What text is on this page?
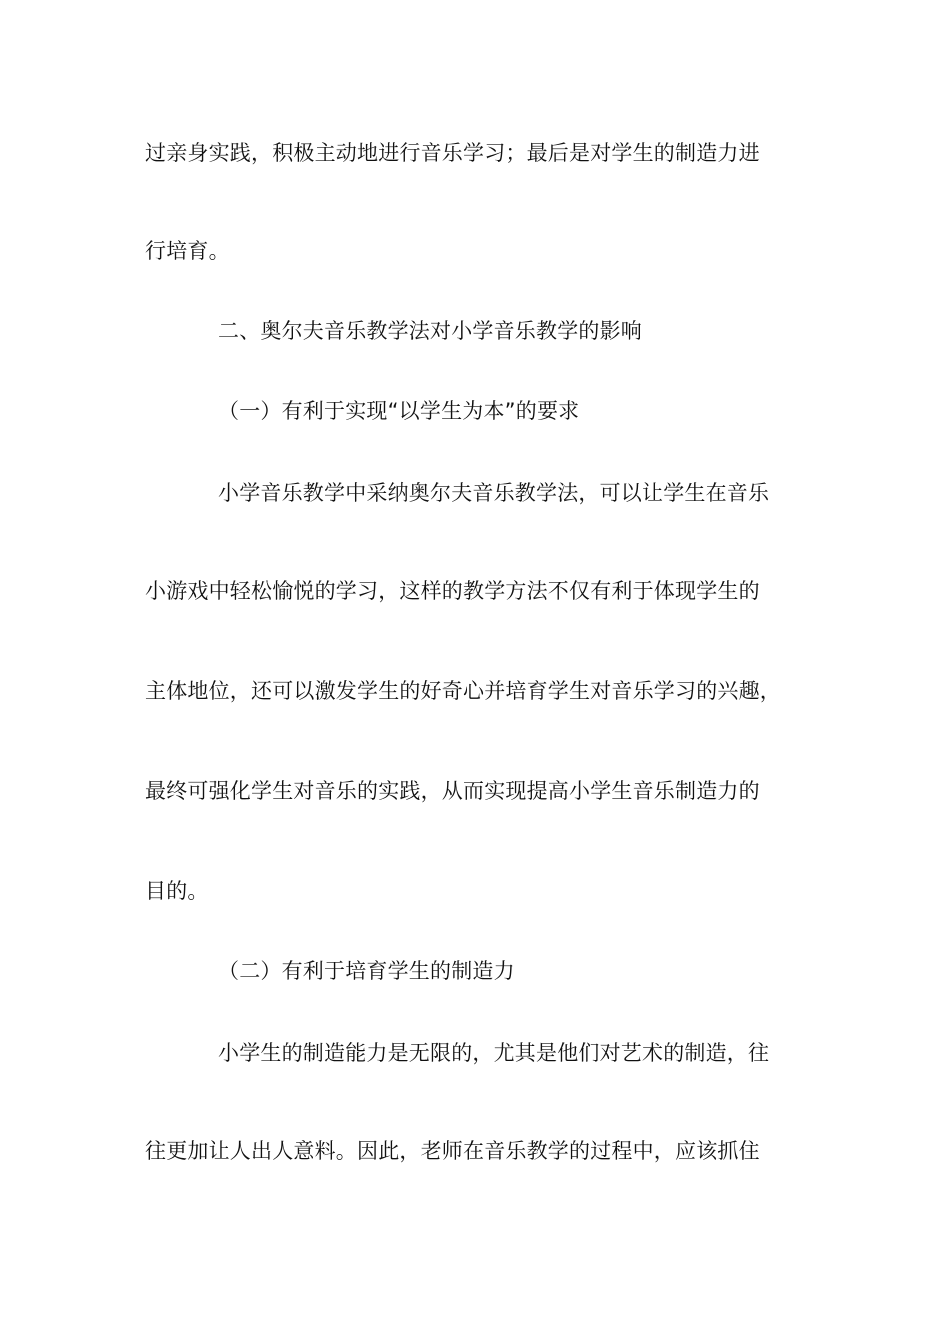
过亲身实践，积极主动地进行音乐学习；最后是对学生的制造力进
行培育。
二、奥尔夫音乐教学法对小学音乐教学的影响
（一）有利于实现“以学生为本”的要求
小学音乐教学中采纳奥尔夫音乐教学法，可以让学生在音乐
小游戏中轻松愉悦的学习，这样的教学方法不仅有利于体现学生的
主体地位，还可以激发学生的好奇心并培育学生对音乐学习的兴趣，
最终可强化学生对音乐的实践，从而实现提高小学生音乐制造力的
目的。
（二）有利于培育学生的制造力
小学生的制造能力是无限的，尤其是他们对艺术的制造，往
往更加让人出人意料。因此，老师在音乐教学的过程中，应该抓住
